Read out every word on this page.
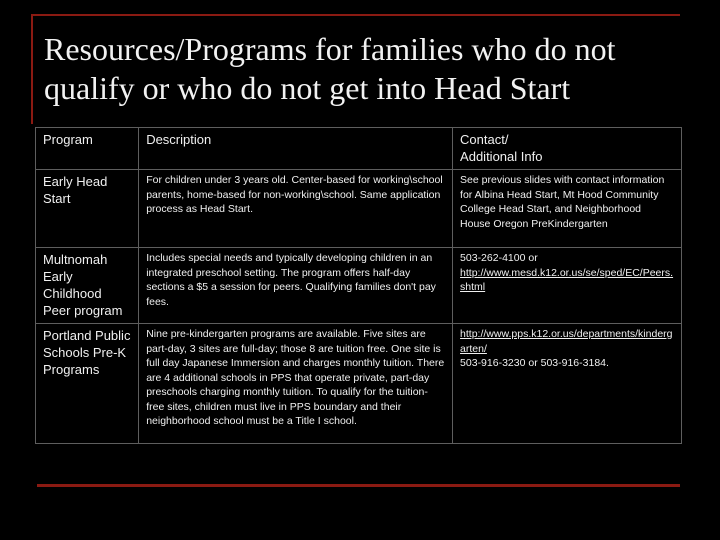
Resources/Programs for families who do not qualify or who do not get into Head Start
Program	Description	Contact/
Additional Info

Early Head Start	For children under 3 years old. Center-based for working\school parents, home-based for non-working\school. Same application process as Head Start.	See previous slides with contact information for Albina Head Start, Mt Hood Community College Head Start, and Neighborhood House Oregon PreKindergarten
Multnomah Early Childhood Peer program	Includes special needs and typically developing children in an integrated preschool setting. The program offers half-day sections a $5 a session for peers. Qualifying families don't pay fees.	503-262-4100 or
http://www.mesd.k12.or.us/se/sped/EC/Peers.shtml

Portland Public Schools Pre-K Programs	Nine pre-kindergarten programs are available. Five sites are part-day, 3 sites are full-day; those 8 are tuition free. One site is full day Japanese Immersion and charges monthly tuition. There are 4 additional schools in PPS that operate private, part-day preschools charging monthly tuition. To qualify for the tuition-free sites, children must live in PPS boundary and their neighborhood school must be a Title I school.	http://www.pps.k12.or.us/departments/kindergarten/
503-916-3230 or 503-916-3184.
